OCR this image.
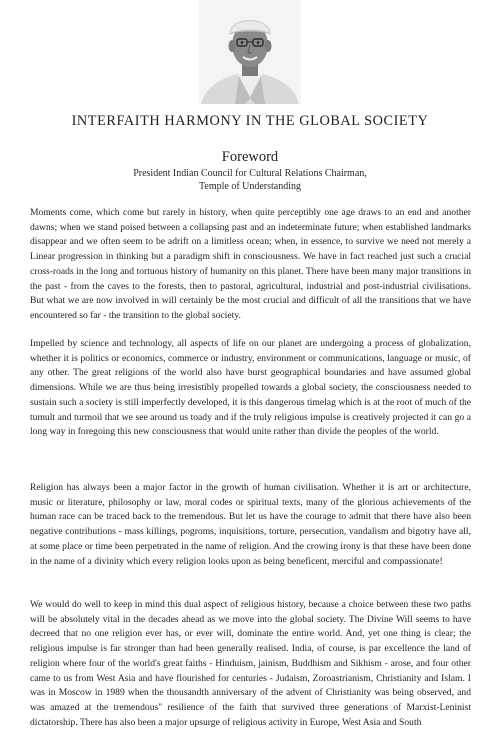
INTERFAITH HARMONY IN THE GLOBAL SOCIETY
Foreword
President Indian Council for Cultural Relations Chairman,
Temple of Understanding

Moments come, which come but rarely in history, when quite perceptibly one age draws to an end and another dawns; when we stand poised between a collapsing past and an indeterminate future; when established landmarks disappear and we often seem to be adrift on a limitless ocean; when, in essence, to survive we need not merely a Linear progression in thinking but a paradigm shift in consciousness. We have in fact reached just such a crucial cross-roads in the long and tortuous history of humanity on this planet. There have been many major transitions in the past - from the caves to the forests, then to pastoral, agricultural, industrial and post-industrial civilisations. But what we are now involved in will certainly be the most crucial and difficult of all the transitions that we have encountered so far - the transition to the global society.

Impelled by science and technology, all aspects of life on our planet are undergoing a process of globalization, whether it is politics or economics, commerce or industry, environment or communications, language or music, of any other. The great religions of the world also have burst geographical boundaries and have assumed global dimensions. While we are thus being irresistibly propelled towards a global society, the consciousness needed to sustain such a society is still imperfectly developed, it is this dangerous timelag which is at the root of much of the tumult and turmoil that we see around us toady and if the truly religious impulse is creatively projected it can go a long way in foregoing this new consciousness that would unite rather than divide the peoples of the world.

Religion has always been a major factor in the growth of human civilisation. Whether it is art or architecture, music or literature, philosophy or law, moral codes or spiritual texts, many of the glorious achievements of the human race can be traced back to the tremendous. But let us have the courage to admit that there have also been negative contributions - mass killings, pogroms, inquisitions, torture, persecution, vandalism and bigotry have all, at some place or time been perpetrated in the name of religion. And the crowing irony is that these have been done in the name of a divinity which every religion looks upon as being beneficent, merciful and compassionate!

We would do well to keep in mind this dual aspect of religious history, because a choice between these two paths will be absolutely vital in the decades ahead as we move into the global society. The Divine Will seems to have decreed that no one religion ever has, or ever will, dominate the entire world. And, yet one thing is clear; the religious impulse is far stronger than had been generally realised. India, of course, is par excellence the land of religion where four of the world's great faiths - Hinduism, jainism, Buddhism and Sikhism - arose, and four other came to us from West Asia and have flourished for centuries - Judaism, Zoroastrianism, Christianity and Islam. I was in Moscow in 1989 when the thousandth anniversary of the advent of Christianity was being observed, and was amazed at the tremendous" resilience of the faith that survived three generations of Marxist-Leninist dictatorship. There has also been a major upsurge of religious activity in Europe, West Asia and South
